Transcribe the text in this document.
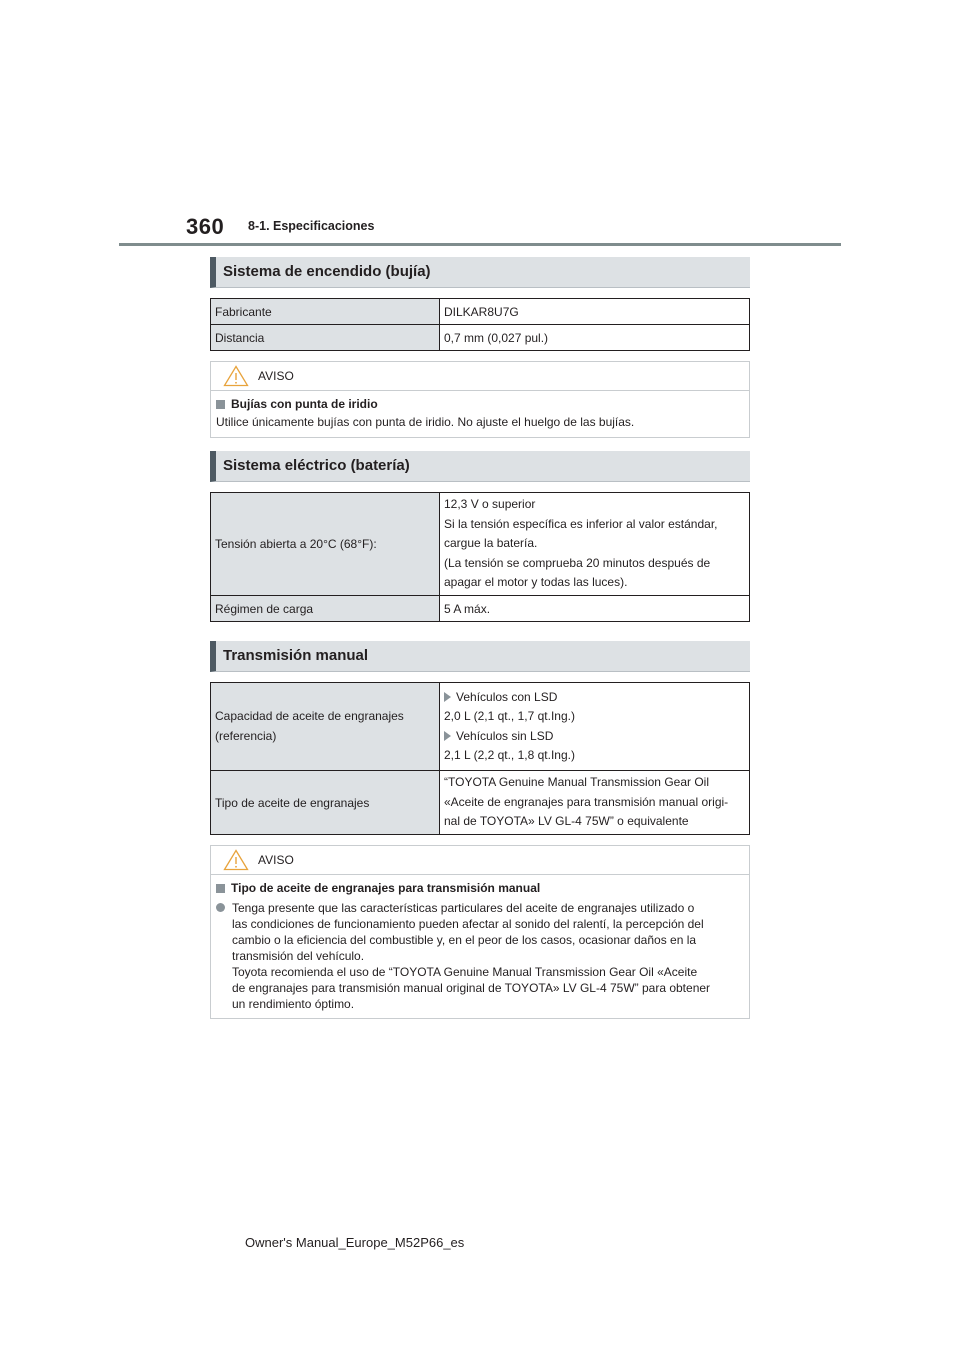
360 8-1. Especificaciones
Sistema de encendido (bujía)
Fabricante	DILKAR8U7G
Distancia	0,7 mm (0,027 pul.)
AVISO
Bujías con punta de iridio
Utilice únicamente bujías con punta de iridio. No ajuste el huelgo de las bujías.
Sistema eléctrico (batería)
Tensión abierta a 20°C (68°F):	12,3 V o superior
Si la tensión específica es inferior al valor estándar,
cargue la batería.
(La tensión se comprueba 20 minutos después de
apagar el motor y todas las luces).

Régimen de carga	5 A máx.
Transmisión manual
Capacidad de aceite de engranajes
(referencia)	Vehículos con LSD
2,0 L (2,1 qt., 1,7 qt.Ing.)
Vehículos sin LSD
2,1 L (2,2 qt., 1,8 qt.Ing.)

Tipo de aceite de engranajes	“TOYOTA Genuine Manual Transmission Gear Oil
«Aceite de engranajes para transmisión manual origi-
nal de TOYOTA» LV GL-4 75W” o equivalente
AVISO
Tipo de aceite de engranajes para transmisión manual

Tenga presente que las características particulares del aceite de engranajes utilizado o

las condiciones de funcionamiento pueden afectar al sonido del ralentí, la percepción del

cambio o la eficiencia del combustible y, en el peor de los casos, ocasionar daños en la

transmisión del vehículo.

Toyota recomienda el uso de “TOYOTA Genuine Manual Transmission Gear Oil «Aceite

de engranajes para transmisión manual original de TOYOTA» LV GL-4 75W” para obtener

un rendimiento óptimo.

Owner's Manual_Europe_M52P66_es
